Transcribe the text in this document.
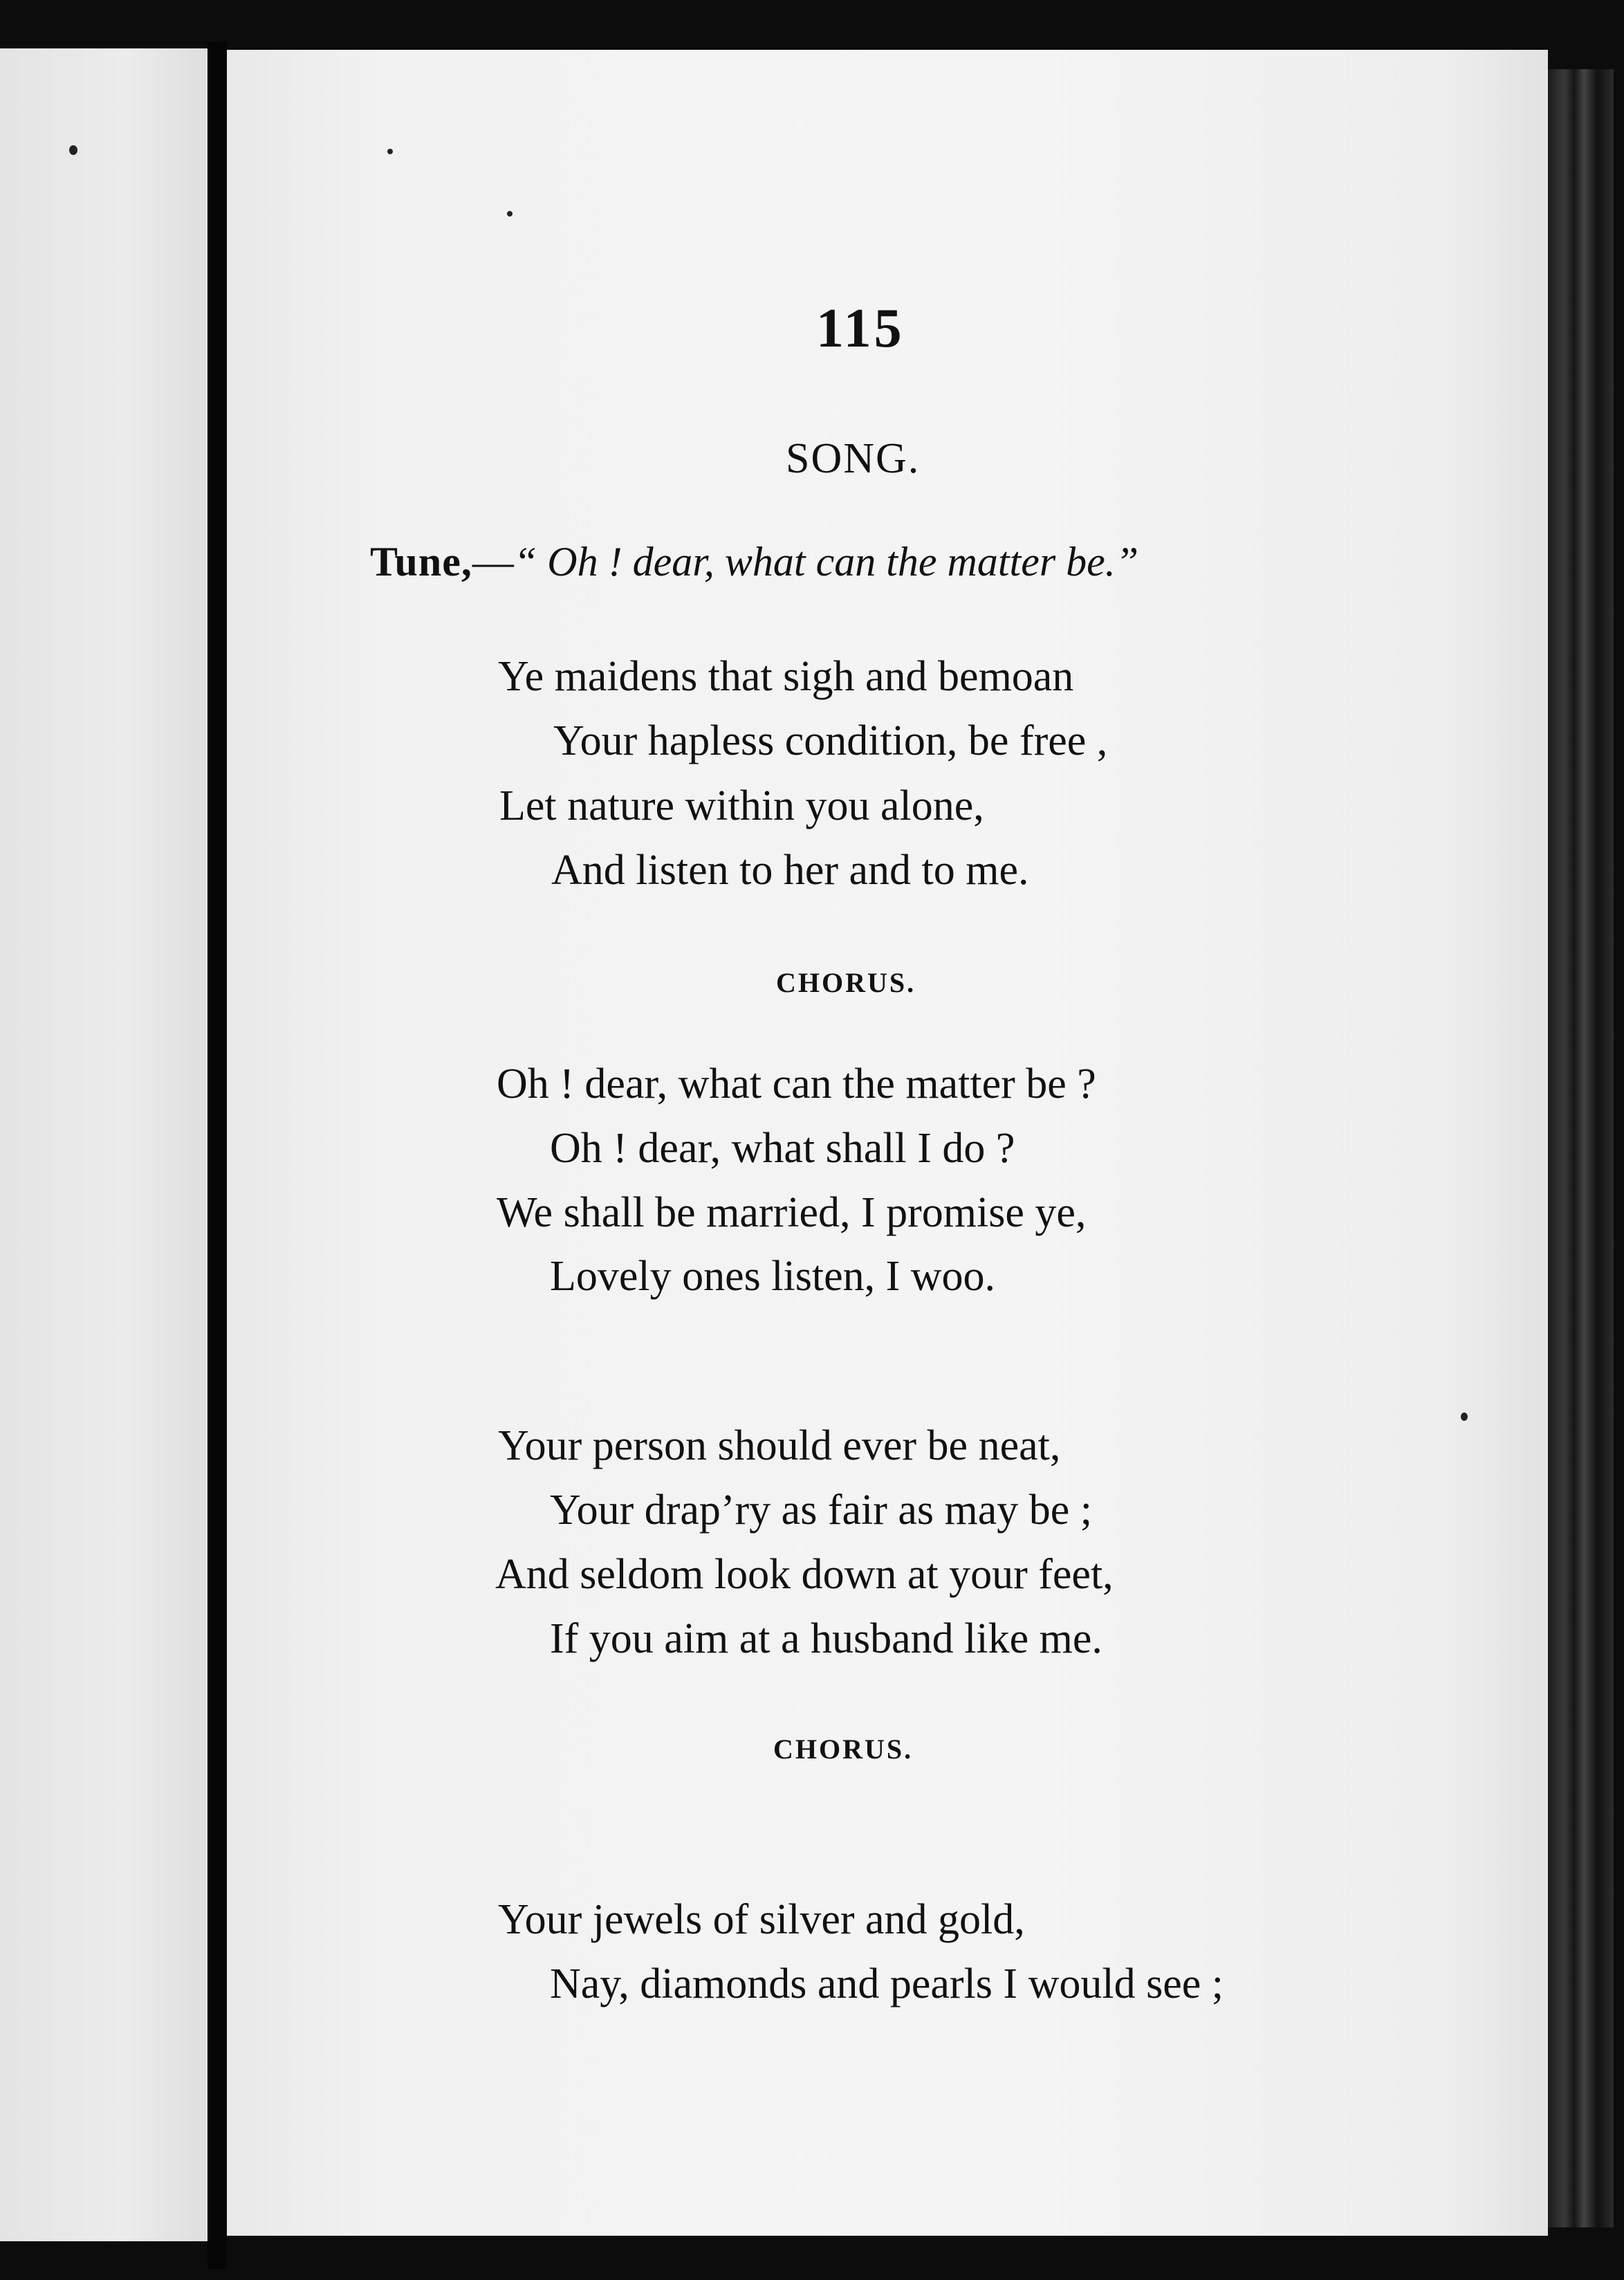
115
SONG.
Tune,—“ Oh ! dear, what can the matter be.”
Ye maidens that sigh and bemoan
Your hapless condition, be free ,
Let nature within you alone,
And listen to her and to me.
CHORUS.
Oh ! dear, what can the matter be ?
Oh ! dear, what shall I do ?
We shall be married, I promise ye,
Lovely ones listen, I woo.
Your person should ever be neat,
Your drap’ry as fair as may be ;
And seldom look down at your feet,
If you aim at a husband like me.
CHORUS.
Your jewels of silver and gold,
Nay, diamonds and pearls I would see ;
